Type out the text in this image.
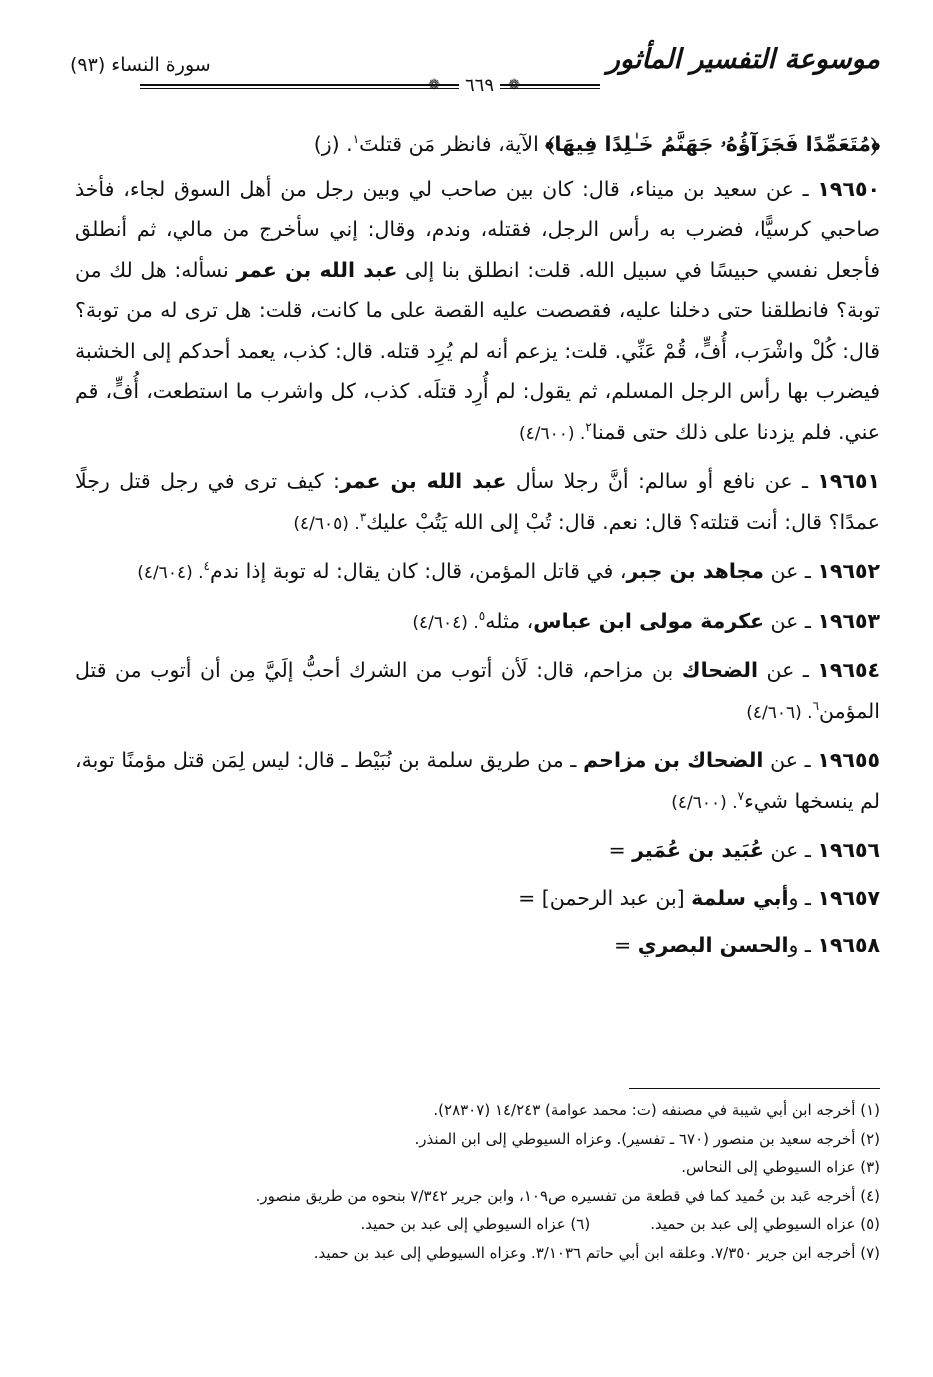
موسوعة التفسير المأثور
❁	٦٦٩	❁
سورة النساء (٩٣)

﴿مُتَعَمِّدًا فَجَزَآؤُهُۥ جَهَنَّمُ خَـٰلِدًا فِيهَا﴾ الآية، فانظر مَن قتلتَ$^١$. (ز)

١٩٦٥٠ ـ عن سعيد بن ميناء، قال: كان بين صاحب لي وبين رجل من أهل السوق لجاء، فأخذ صاحبي كرسيًّا، فضرب به رأس الرجل، فقتله، وندم، وقال: إني سأخرج من مالي، ثم أنطلق فأجعل نفسي حبيسًا في سبيل الله. قلت: انطلق بنا إلى عبد الله بن عمر نسأله: هل لك من توبة؟ فانطلقنا حتى دخلنا عليه، فقصصت عليه القصة على ما كانت، قلت: هل ترى له من توبة؟ قال: كُلْ واشْرَب، أُفٍّ، قُمْ عَنِّي. قلت: يزعم أنه لم يُرِد قتله. قال: كذب، يعمد أحدكم إلى الخشبة فيضرب بها رأس الرجل المسلم، ثم يقول: لم أُرِد قتلَه. كذب، كل واشرب ما استطعت، أُفٍّ، قم عني. فلم يزدنا على ذلك حتى قمنا$^٢$. (٤/٦٠٠)

١٩٦٥١ ـ عن نافع أو سالم: أنَّ رجلا سأل عبد الله بن عمر: كيف ترى في رجل قتل رجلًا عمدًا؟ قال: أنت قتلته؟ قال: نعم. قال: تُبْ إلى الله يَتُبْ عليك$^٣$. (٤/٦٠٥)

١٩٦٥٢ ـ عن مجاهد بن جبر، في قاتل المؤمن، قال: كان يقال: له توبة إذا ندم$^٤$. (٤/٦٠٤)

١٩٦٥٣ ـ عن عكرمة مولى ابن عباس، مثله$^٥$. (٤/٦٠٤)

١٩٦٥٤ ـ عن الضحاك بن مزاحم، قال: لَأن أتوب من الشرك أحبُّ إلَيَّ مِن أن أتوب من قتل المؤمن$^٦$. (٤/٦٠٦)

١٩٦٥٥ ـ عن الضحاك بن مزاحم ـ من طريق سلمة بن نُبَيْط ـ قال: ليس لِمَن قتل مؤمنًا توبة، لم ينسخها شيء$^٧$. (٤/٦٠٠)

١٩٦٥٦ ـ عن عُبَيد بن عُمَير =

١٩٦٥٧ ـ وأبي سلمة [بن عبد الرحمن] =

١٩٦٥٨ ـ والحسن البصري =

(١) أخرجه ابن أبي شيبة في مصنفه (ت: محمد عوامة) ١٤/٢٤٣ (٢٨٣٠٧).
(٢) أخرجه سعيد بن منصور (٦٧٠ ـ تفسير). وعزاه السيوطي إلى ابن المنذر.
(٣) عزاه السيوطي إلى النحاس.
(٤) أخرجه عَبد بن حُميد كما في قطعة من تفسيره ص١٠٩، وابن جرير ٧/٣٤٢ بنحوه من طريق منصور.
(٥) عزاه السيوطي إلى عبد بن حميد.
(٦) عزاه السيوطي إلى عبد بن حميد.
(٧) أخرجه ابن جرير ٧/٣٥٠. وعلقه ابن أبي حاتم ٣/١٠٣٦. وعزاه السيوطي إلى عبد بن حميد.
